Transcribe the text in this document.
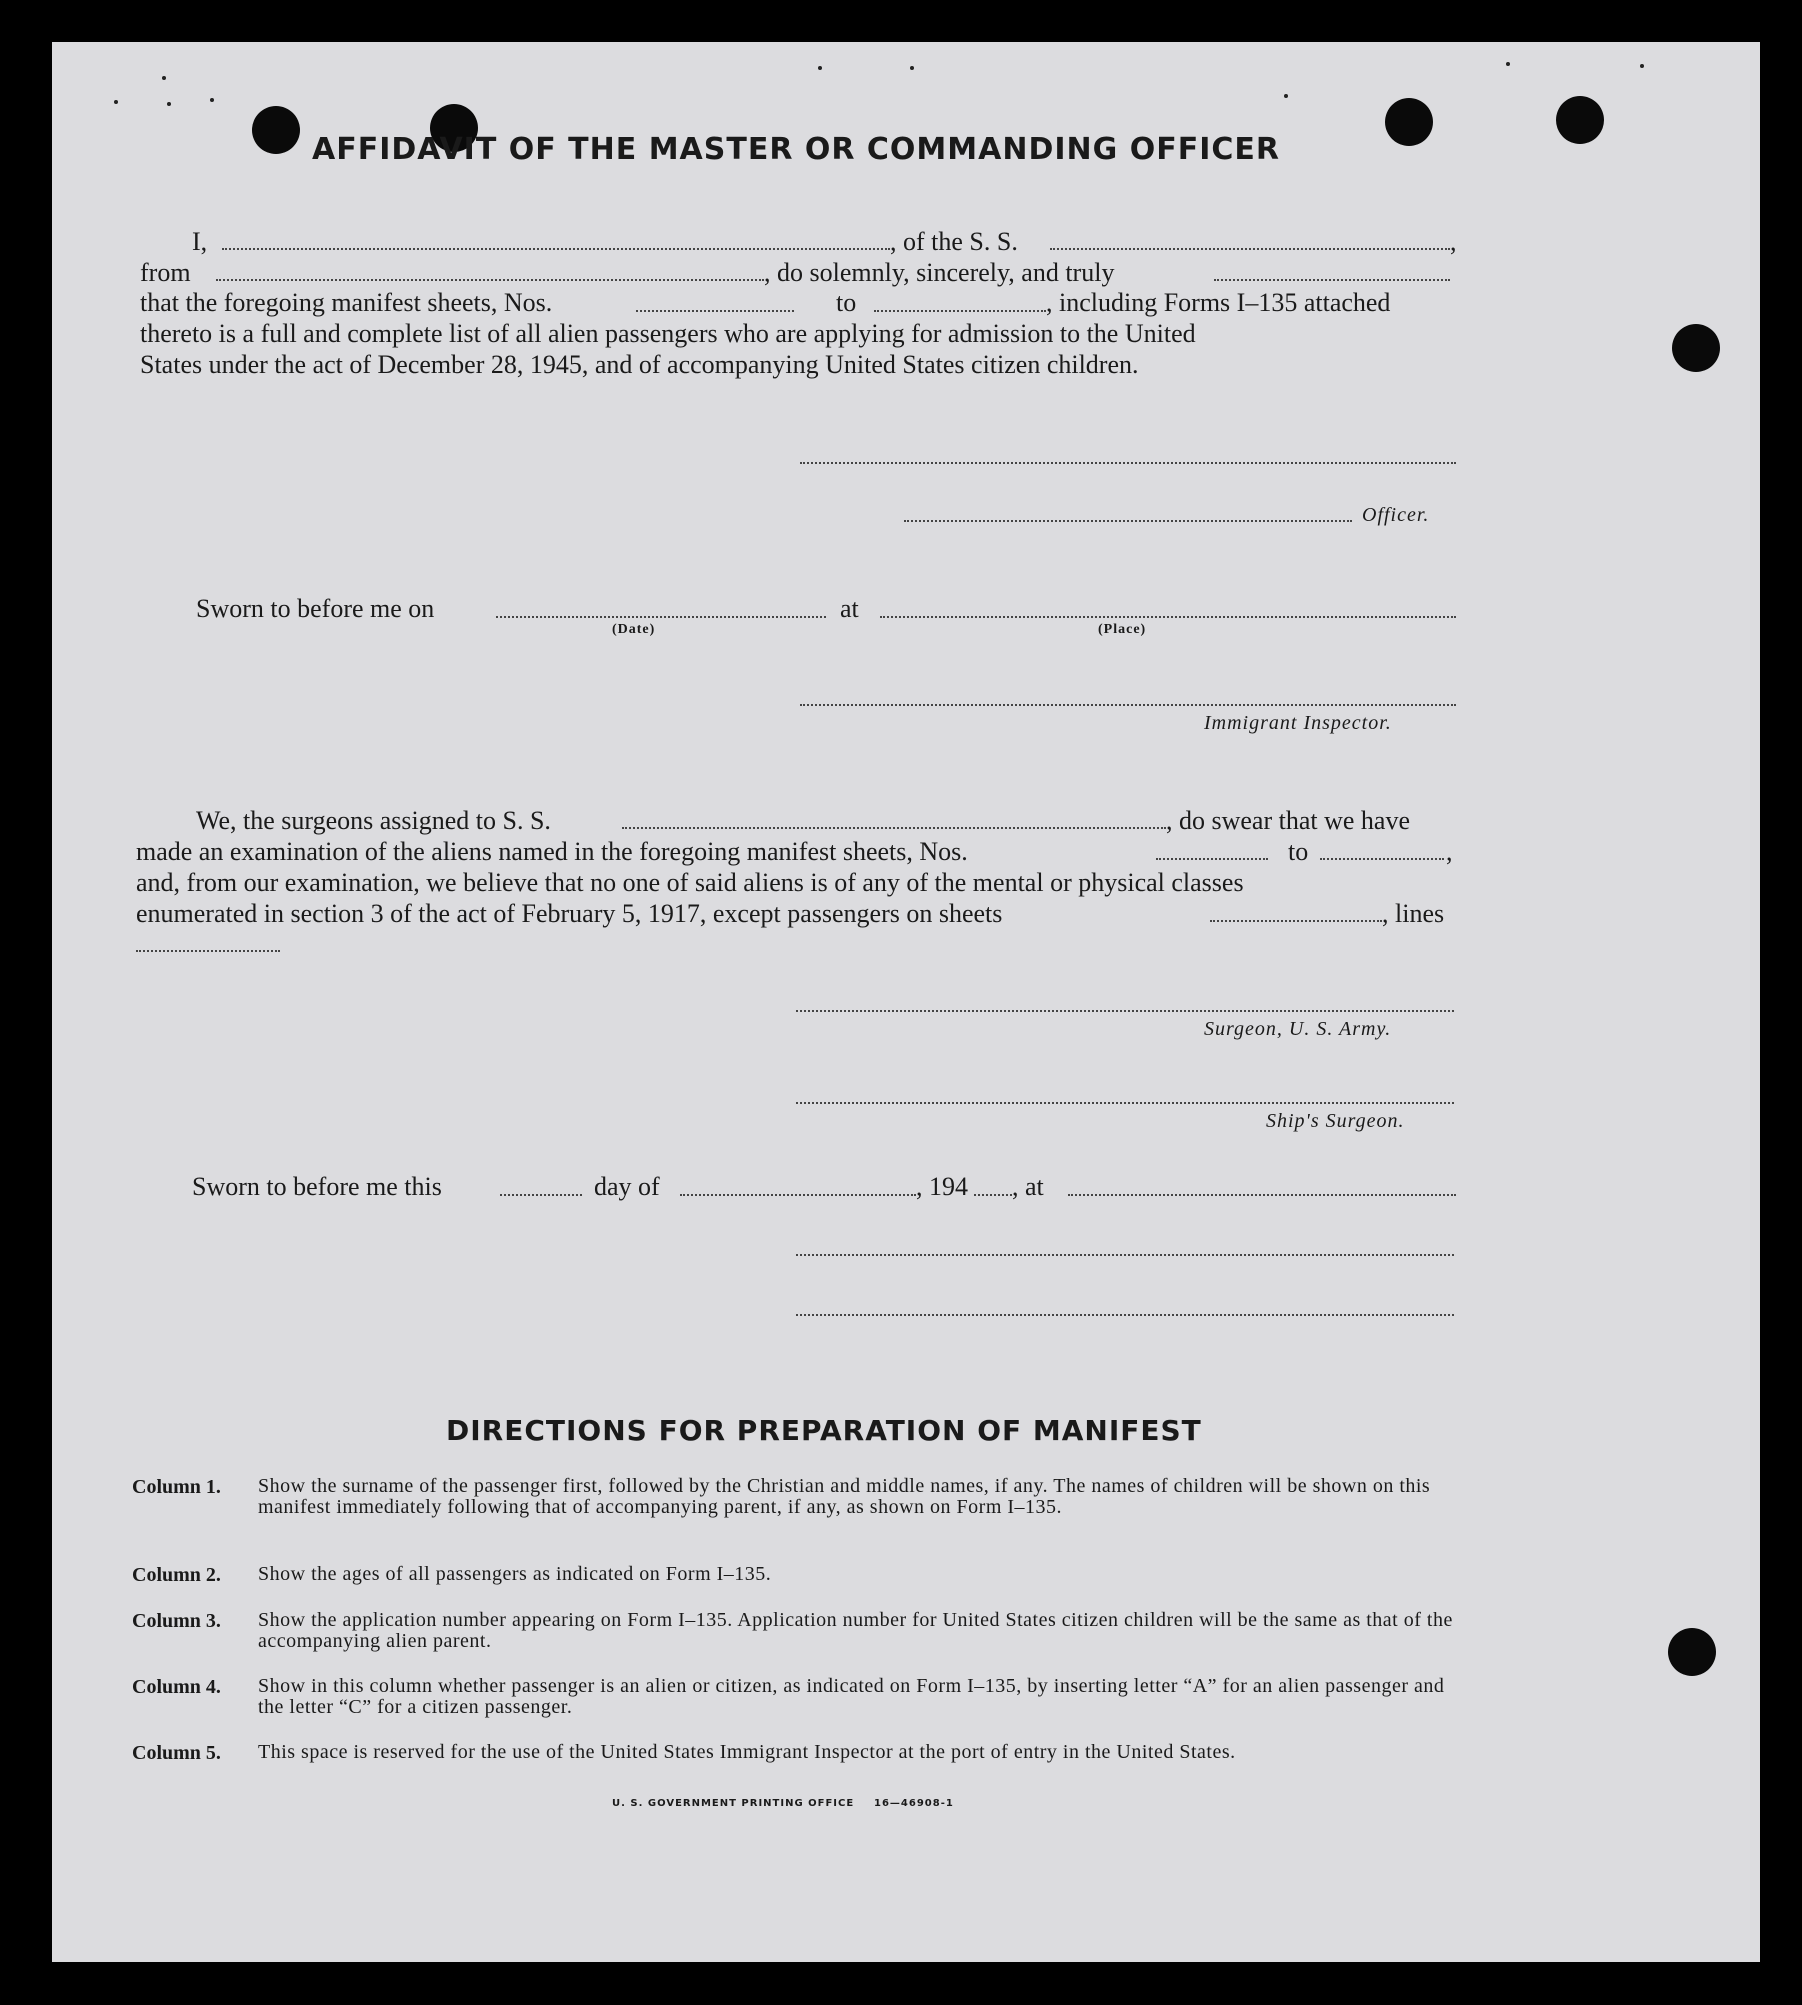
AFFIDAVIT OF THE MASTER OR COMMANDING OFFICER
I,	, of the S. S.	,
from	, do solemnly, sincerely, and truly
that the foregoing manifest sheets, Nos.	to	, including Forms I–135 attached
thereto is a full and complete list of all alien passengers who are applying for admission to the United
States under the act of December 28, 1945, and of accompanying United States citizen children.
Officer.
Sworn to before me on
(Date)
at
(Place)
Immigrant Inspector.
We, the surgeons assigned to S. S.	, do swear that we have
made an examination of the aliens named in the foregoing manifest sheets, Nos.	to	,
and, from our examination, we believe that no one of said aliens is of any of the mental or physical classes
enumerated in section 3 of the act of February 5, 1917, except passengers on sheets	, lines
Surgeon, U. S. Army.
Ship's Surgeon.
Sworn to before me this	day of	, 194 , at
DIRECTIONS FOR PREPARATION OF MANIFEST
Column 1. Show the surname of the passenger first, followed by the Christian and middle names, if any. The names of children will be shown on this manifest immediately following that of accompanying parent, if any, as shown on Form I–135.
Column 2. Show the ages of all passengers as indicated on Form I–135.
Column 3. Show the application number appearing on Form I–135. Application number for United States citizen children will be the same as that of the accompanying alien parent.
Column 4. Show in this column whether passenger is an alien or citizen, as indicated on Form I–135, by inserting letter “A” for an alien passenger and the letter “C” for a citizen passenger.
Column 5. This space is reserved for the use of the United States Immigrant Inspector at the port of entry in the United States.
U. S. GOVERNMENT PRINTING OFFICE 16—46908-1
